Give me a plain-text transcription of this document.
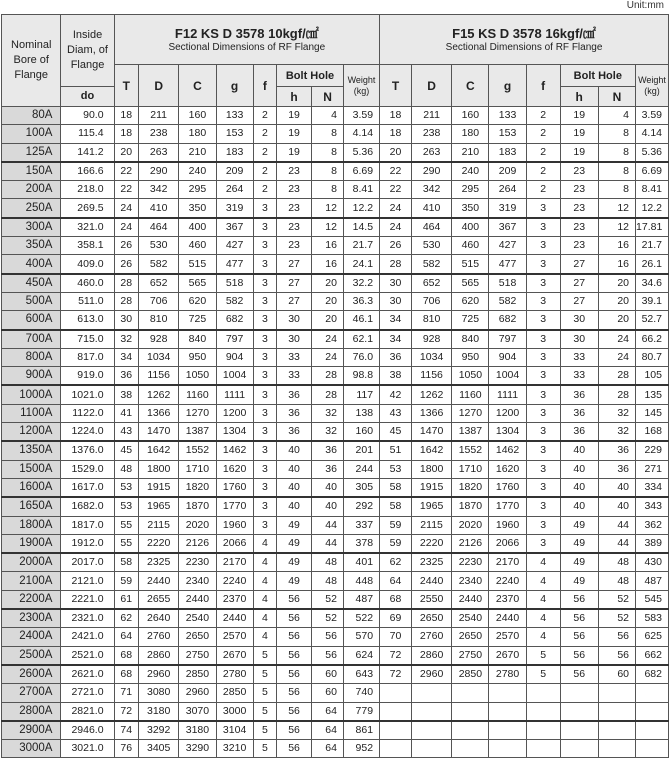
Unit:mm
Nominal Bore of Flange	Inside Diam, of Flange	F12 KS D 3578 10kgf/㎠
Sectional Dimensions of RF Flange								F15 KS D 3578 16kgf/㎠
Sectional Dimensions of RF Flange							

		T	D	C	g	f	Bolt Hole		Weight (kg)	T	D	C	g	f	Bolt Hole		Weight (kg)
	do						h	N							h	N	
80A	90.0	18	211	160	133	2	19	4	3.59	18	211	160	133	2	19	4	3.59
100A	115.4	18	238	180	153	2	19	8	4.14	18	238	180	153	2	19	8	4.14
125A	141.2	20	263	210	183	2	19	8	5.36	20	263	210	183	2	19	8	5.36
150A	166.6	22	290	240	209	2	23	8	6.69	22	290	240	209	2	23	8	6.69
200A	218.0	22	342	295	264	2	23	8	8.41	22	342	295	264	2	23	8	8.41
250A	269.5	24	410	350	319	3	23	12	12.2	24	410	350	319	3	23	12	12.2
300A	321.0	24	464	400	367	3	23	12	14.5	24	464	400	367	3	23	12	17.81
350A	358.1	26	530	460	427	3	23	16	21.7	26	530	460	427	3	23	16	21.7
400A	409.0	26	582	515	477	3	27	16	24.1	28	582	515	477	3	27	16	26.1
450A	460.0	28	652	565	518	3	27	20	32.2	30	652	565	518	3	27	20	34.6
500A	511.0	28	706	620	582	3	27	20	36.3	30	706	620	582	3	27	20	39.1
600A	613.0	30	810	725	682	3	30	20	46.1	34	810	725	682	3	30	20	52.7
700A	715.0	32	928	840	797	3	30	24	62.1	34	928	840	797	3	30	24	66.2
800A	817.0	34	1034	950	904	3	33	24	76.0	36	1034	950	904	3	33	24	80.7
900A	919.0	36	1156	1050	1004	3	33	28	98.8	38	1156	1050	1004	3	33	28	105
1000A	1021.0	38	1262	1160	1111	3	36	28	117	42	1262	1160	1111	3	36	28	135
1100A	1122.0	41	1366	1270	1200	3	36	32	138	43	1366	1270	1200	3	36	32	145
1200A	1224.0	43	1470	1387	1304	3	36	32	160	45	1470	1387	1304	3	36	32	168
1350A	1376.0	45	1642	1552	1462	3	40	36	201	51	1642	1552	1462	3	40	36	229
1500A	1529.0	48	1800	1710	1620	3	40	36	244	53	1800	1710	1620	3	40	36	271
1600A	1617.0	53	1915	1820	1760	3	40	40	305	58	1915	1820	1760	3	40	40	334
1650A	1682.0	53	1965	1870	1770	3	40	40	292	58	1965	1870	1770	3	40	40	343
1800A	1817.0	55	2115	2020	1960	3	49	44	337	59	2115	2020	1960	3	49	44	362
1900A	1912.0	55	2220	2126	2066	4	49	44	378	59	2220	2126	2066	3	49	44	389
2000A	2017.0	58	2325	2230	2170	4	49	48	401	62	2325	2230	2170	4	49	48	430
2100A	2121.0	59	2440	2340	2240	4	49	48	448	64	2440	2340	2240	4	49	48	487
2200A	2221.0	61	2655	2440	2370	4	56	52	487	68	2550	2440	2370	4	56	52	545
2300A	2321.0	62	2640	2540	2440	4	56	52	522	69	2650	2540	2440	4	56	52	583
2400A	2421.0	64	2760	2650	2570	4	56	56	570	70	2760	2650	2570	4	56	56	625
2500A	2521.0	68	2860	2750	2670	5	56	56	624	72	2860	2750	2670	5	56	56	662
2600A	2621.0	68	2960	2850	2780	5	56	60	643	72	2960	2850	2780	5	56	60	682
2700A	2721.0	71	3080	2960	2850	5	56	60	740								
2800A	2821.0	72	3180	3070	3000	5	56	64	779								
2900A	2946.0	74	3292	3180	3104	5	56	64	861								
3000A	3021.0	76	3405	3290	3210	5	56	64	952								
